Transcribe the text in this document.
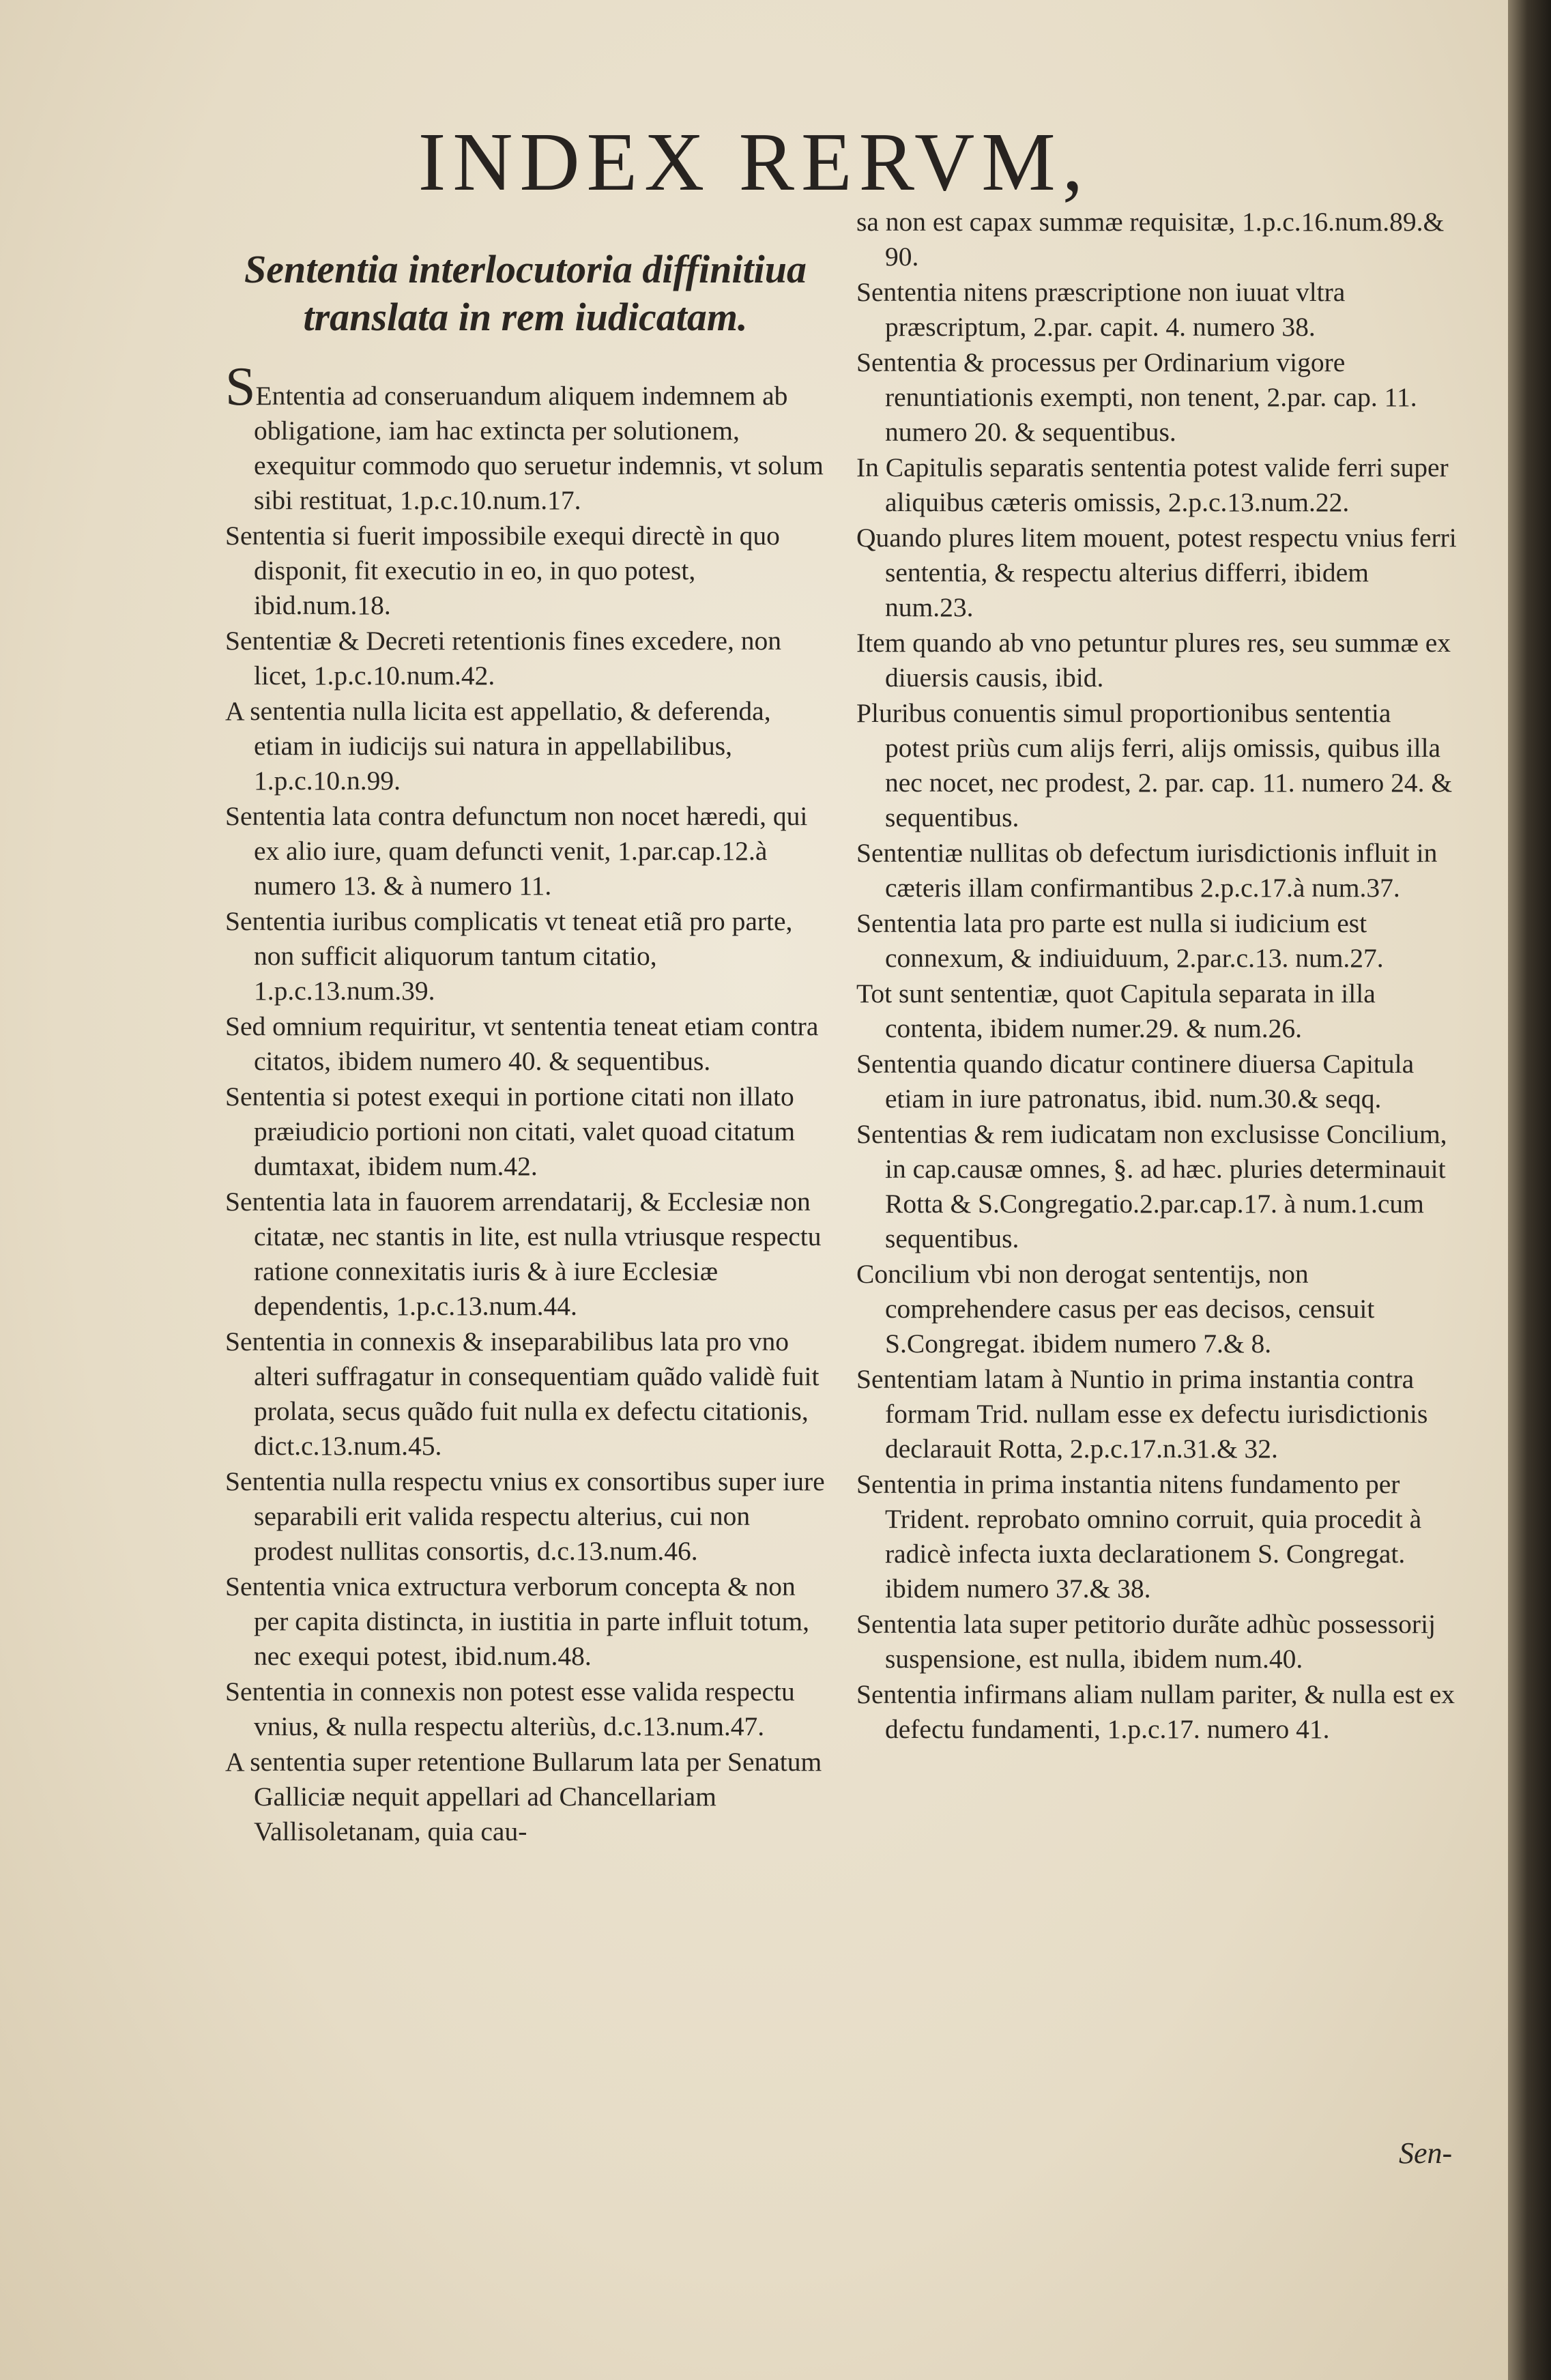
INDEX RERVM,
Sententia interlocutoria diffinitiua translata in rem iudicatam.

SEntentia ad conseruandum aliquem indemnem ab obligatione, iam hac extincta per solutionem, exequitur commodo quo seruetur indemnis, vt solum sibi restituat, 1.p.c.10.num.17.

Sententia si fuerit impossibile exequi directè in quo disponit, fit executio in eo, in quo potest, ibid.num.18.

Sententiæ & Decreti retentionis fines excedere, non licet, 1.p.c.10.num.42.

A sententia nulla licita est appellatio, & deferenda, etiam in iudicijs sui natura in appellabilibus, 1.p.c.10.n.99.

Sententia lata contra defunctum non nocet hæredi, qui ex alio iure, quam defuncti venit, 1.par.cap.12.à numero 13. & à numero 11.

Sententia iuribus complicatis vt teneat etiã pro parte, non sufficit aliquorum tantum citatio, 1.p.c.13.num.39.

Sed omnium requiritur, vt sententia teneat etiam contra citatos, ibidem numero 40. & sequentibus.

Sententia si potest exequi in portione citati non illato præiudicio portioni non citati, valet quoad citatum dumtaxat, ibidem num.42.

Sententia lata in fauorem arrendatarij, & Ecclesiæ non citatæ, nec stantis in lite, est nulla vtriusque respectu ratione connexitatis iuris & à iure Ecclesiæ dependentis, 1.p.c.13.num.44.

Sententia in connexis & inseparabilibus lata pro vno alteri suffragatur in consequentiam quãdo validè fuit prolata, secus quãdo fuit nulla ex defectu citationis, dict.c.13.num.45.

Sententia nulla respectu vnius ex consortibus super iure separabili erit valida respectu alterius, cui non prodest nullitas consortis, d.c.13.num.46.

Sententia vnica extructura verborum concepta & non per capita distincta, in iustitia in parte influit totum, nec exequi potest, ibid.num.48.

Sententia in connexis non potest esse valida respectu vnius, & nulla respectu alteriùs, d.c.13.num.47.

A sententia super retentione Bullarum lata per Senatum Galliciæ nequit appellari ad Chancellariam Vallisoletanam, quia cau-

sa non est capax summæ requisitæ, 1.p.c.16.num.89.& 90.

Sententia nitens præscriptione non iuuat vltra præscriptum, 2.par. capit. 4. numero 38.

Sententia & processus per Ordinarium vigore renuntiationis exempti, non tenent, 2.par. cap. 11. numero 20. & sequentibus.

In Capitulis separatis sententia potest valide ferri super aliquibus cæteris omissis, 2.p.c.13.num.22.

Quando plures litem mouent, potest respectu vnius ferri sententia, & respectu alterius differri, ibidem num.23.

Item quando ab vno petuntur plures res, seu summæ ex diuersis causis, ibid.

Pluribus conuentis simul proportionibus sententia potest priùs cum alijs ferri, alijs omissis, quibus illa nec nocet, nec prodest, 2. par. cap. 11. numero 24. & sequentibus.

Sententiæ nullitas ob defectum iurisdictionis influit in cæteris illam confirmantibus 2.p.c.17.à num.37.

Sententia lata pro parte est nulla si iudicium est connexum, & indiuiduum, 2.par.c.13. num.27.

Tot sunt sententiæ, quot Capitula separata in illa contenta, ibidem numer.29. & num.26.

Sententia quando dicatur continere diuersa Capitula etiam in iure patronatus, ibid. num.30.& seqq.

Sententias & rem iudicatam non exclusisse Concilium, in cap.causæ omnes, §. ad hæc. pluries determinauit Rotta & S.Congregatio.2.par.cap.17. à num.1.cum sequentibus.

Concilium vbi non derogat sententijs, non comprehendere casus per eas decisos, censuit S.Congregat. ibidem numero 7.& 8.

Sententiam latam à Nuntio in prima instantia contra formam Trid. nullam esse ex defectu iurisdictionis declarauit Rotta, 2.p.c.17.n.31.& 32.

Sententia in prima instantia nitens fundamento per Trident. reprobato omnino corruit, quia procedit à radicè infecta iuxta declarationem S. Congregat. ibidem numero 37.& 38.

Sententia lata super petitorio durãte adhùc possessorij suspensione, est nulla, ibidem num.40.

Sententia infirmans aliam nullam pariter, & nulla est ex defectu fundamenti, 1.p.c.17. numero 41.

Sen-
